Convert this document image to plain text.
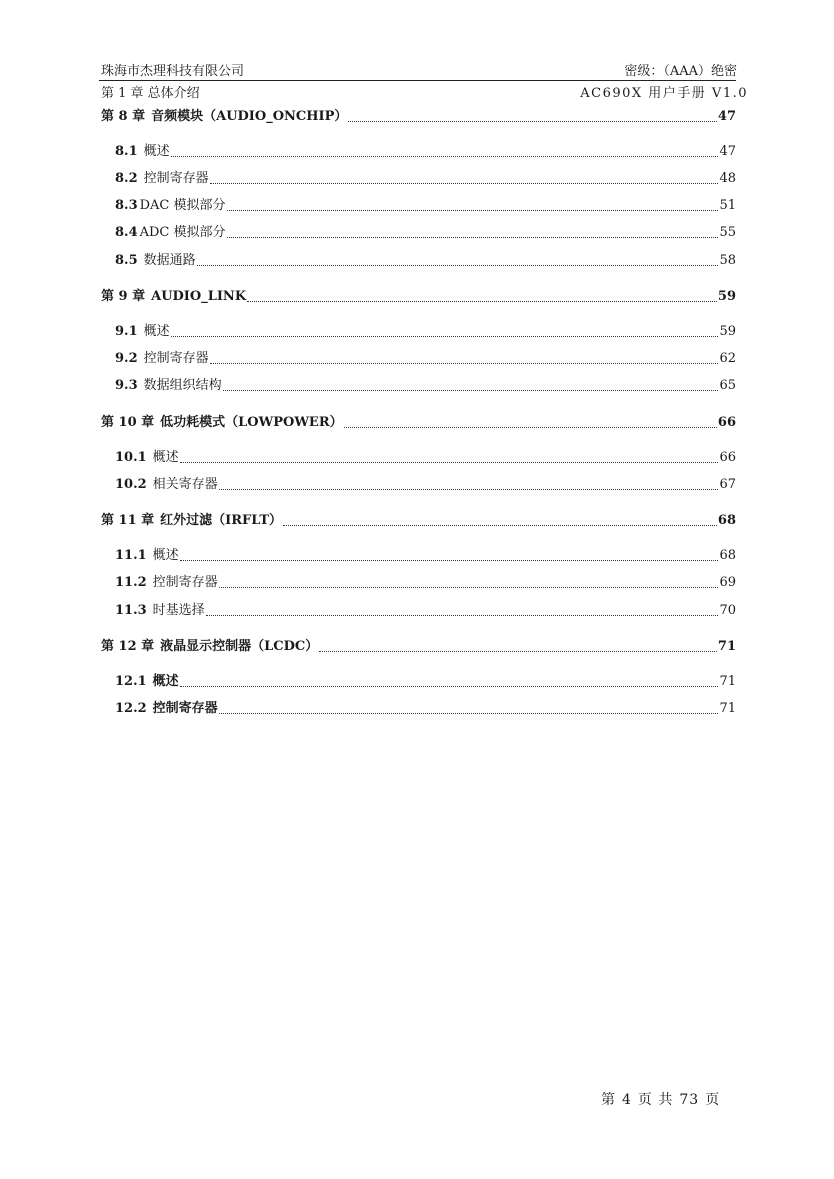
珠海市杰理科技有限公司	密级：（AAA）绝密
第 1 章 总体介绍	AC690X 用户手册 V1.0
第 8 章 音频模块（AUDIO_ONCHIP）	47
8.1 概述	47
8.2 控制寄存器	48
8.3 DAC 模拟部分	51
8.4 ADC 模拟部分	55
8.5 数据通路	58
第 9 章 AUDIO_LINK	59
9.1 概述	59
9.2 控制寄存器	62
9.3 数据组织结构	65
第 10 章 低功耗模式（LOWPOWER）	66
10.1 概述	66
10.2 相关寄存器	67
第 11 章 红外过滤（IRFLT）	68
11.1 概述	68
11.2 控制寄存器	69
11.3 时基选择	70
第 12 章 液晶显示控制器（LCDC）	71
12.1 概述	71
12.2 控制寄存器	71
第 4 页 共 73 页
